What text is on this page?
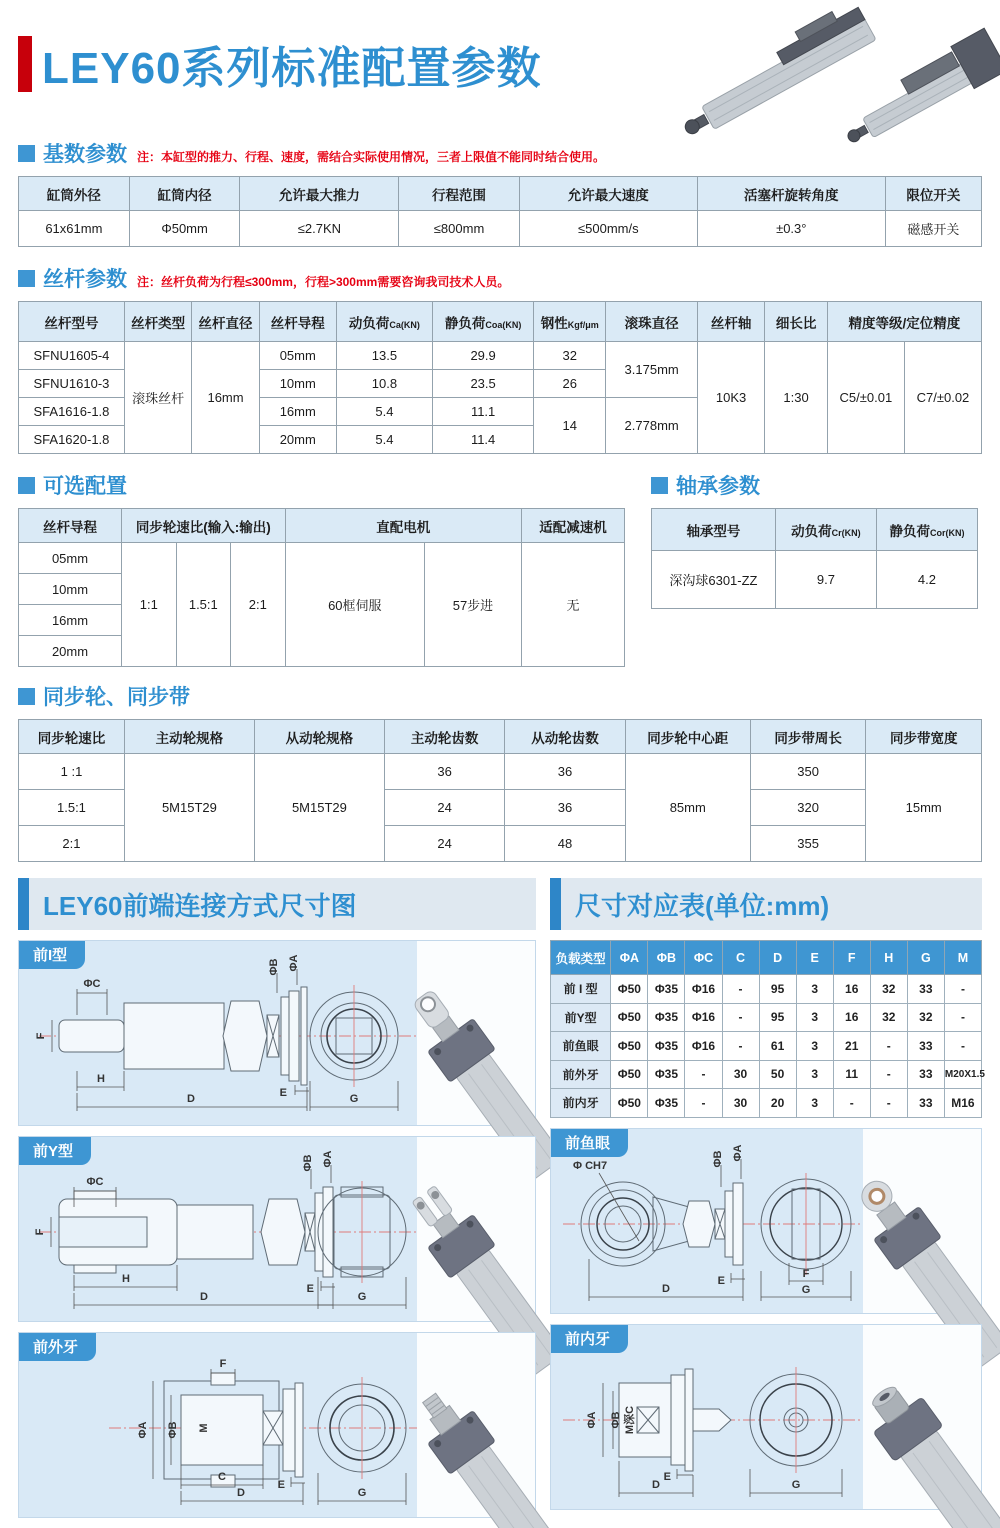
LEY60系列标准配置参数
基数参数 注：本缸型的推力、行程、速度，需结合实际使用情况，三者上限值不能同时结合使用。
缸筒外径	缸筒内径	允许最大推力	行程范围	允许最大速度	活塞杆旋转角度	限位开关
61x61mm	Φ50mm	≤2.7KN	≤800mm	≤500mm/s	±0.3°	磁感开关
丝杆参数 注：丝杆负荷为行程≤300mm，行程>300mm需要咨询我司技术人员。
丝杆型号	丝杆类型	丝杆直径	丝杆导程	动负荷Ca(KN)	静负荷Coa(KN)	钢性Kgf/μm	滚珠直径	丝杆轴	细长比	精度等级/定位精度	
SFNU1605-4	滚珠丝杆	16mm	05mm	13.5	29.9	32	3.175mm	10K3	1:30	C5/±0.01	C7/±0.02
SFNU1610-3			10mm	10.8	23.5	26					
SFA1616-1.8			16mm	5.4	11.1	14	2.778mm				
SFA1620-1.8			20mm	5.4	11.4						
可选配置
丝杆导程	同步轮速比(输入:输出)			直配电机		适配减速机
05mm	1:1	1.5:1	2:1	60框伺服	57步进	无
10mm						
16mm						
20mm						
轴承参数
轴承型号	动负荷Cr(KN)	静负荷Cor(KN)
深沟球6301-ZZ	9.7	4.2
同步轮、同步带
同步轮速比	主动轮规格	从动轮规格	主动轮齿数	从动轮齿数	同步轮中心距	同步带周长	同步带宽度
1 :1	5M15T29	5M15T29	36	36	85mm	350	15mm
1.5:1			24	36		320	
2:1			24	48		355	
LEY60前端连接方式尺寸图	尺寸对应表(单位:mm)
前I型
ΦC
F
H
D	E
ΦB ΦA
G
前Y型
ΦC
F
H
D
E
ΦB ΦA
G
前外牙
F
ΦA ΦB M
C
D
E
G
负载类型	ΦA	ΦB	ΦC	C	D	E	F	H	G	M
前 I 型	Φ50	Φ35	Φ16	-	95	3	16	32	33	-
前Y型	Φ50	Φ35	Φ16	-	95	3	16	32	32	-
前鱼眼	Φ50	Φ35	Φ16	-	61	3	21	-	33	-
前外牙	Φ50	Φ35	-	30	50	3	11	-	33	M20X1.5
前内牙	Φ50	Φ35	-	30	20	3	-	-	33	M16
前鱼眼
Φ CH7	ΦB ΦA
E
D
F
G
前内牙
ΦA ΦB M深C
E
D	G
